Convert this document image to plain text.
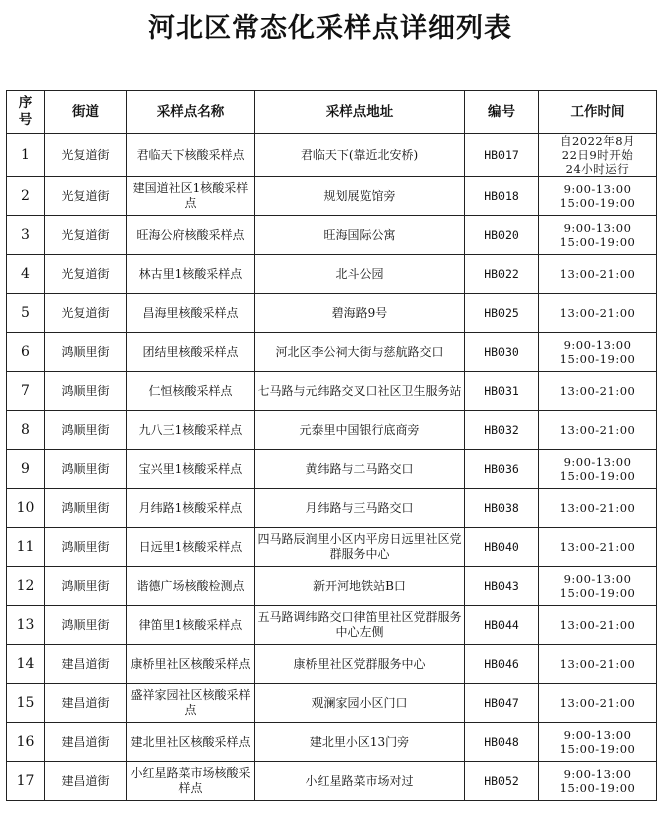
河北区常态化采样点详细列表
序号	街道	采样点名称	采样点地址	编号	工作时间
1	光复道街	君临天下核酸采样点	君临天下(靠近北安桥)	HB017	自2022年8月
22日9时开始
24小时运行

2	光复道街	建国道社区1核酸采样点	规划展览馆旁	HB018	9:00-13:00
15:00-19:00

3	光复道街	旺海公府核酸采样点	旺海国际公寓	HB020	9:00-13:00
15:00-19:00

4	光复道街	林古里1核酸采样点	北斗公园	HB022	13:00-21:00

5	光复道街	昌海里核酸采样点	碧海路9号	HB025	13:00-21:00

6	鸿顺里街	团结里核酸采样点	河北区李公祠大街与慈航路交口	HB030	9:00-13:00
15:00-19:00

7	鸿顺里街	仁恒核酸采样点	七马路与元纬路交叉口社区卫生服务站	HB031	13:00-21:00

8	鸿顺里街	九八三1核酸采样点	元泰里中国银行底商旁	HB032	13:00-21:00

9	鸿顺里街	宝兴里1核酸采样点	黄纬路与二马路交口	HB036	9:00-13:00
15:00-19:00

10	鸿顺里街	月纬路1核酸采样点	月纬路与三马路交口	HB038	13:00-21:00

11	鸿顺里街	日远里1核酸采样点	四马路辰润里小区内平房日远里社区党群服务中心	HB040	13:00-21:00

12	鸿顺里街	谐德广场核酸检测点	新开河地铁站B口	HB043	9:00-13:00
15:00-19:00

13	鸿顺里街	律笛里1核酸采样点	五马路调纬路交口律笛里社区党群服务中心左侧	HB044	13:00-21:00

14	建昌道街	康桥里社区核酸采样点	康桥里社区党群服务中心	HB046	13:00-21:00

15	建昌道街	盛祥家园社区核酸采样点	观澜家园小区门口	HB047	13:00-21:00

16	建昌道街	建北里社区核酸采样点	建北里小区13门旁	HB048	9:00-13:00
15:00-19:00

17	建昌道街	小红星路菜市场核酸采样点	小红星路菜市场对过	HB052	9:00-13:00
15:00-19:00
